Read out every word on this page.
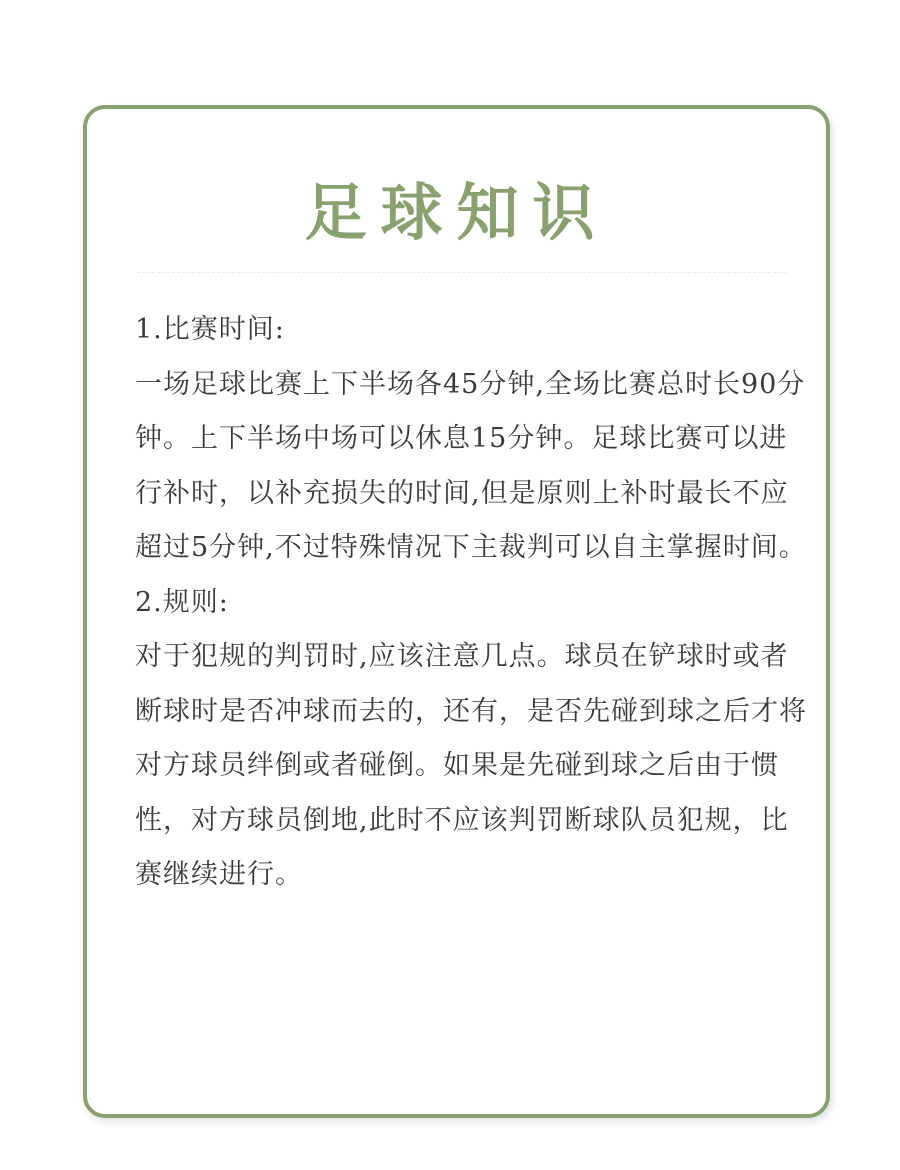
足球知识

1.比赛时间:

一场足球比赛上下半场各45分钟,全场比赛总时长90分钟。上下半场中场可以休息15分钟。足球比赛可以进行补时，以补充损失的时间,但是原则上补时最长不应超过5分钟,不过特殊情况下主裁判可以自主掌握时间。

2.规则:

对于犯规的判罚时,应该注意几点。球员在铲球时或者断球时是否冲球而去的，还有，是否先碰到球之后才将对方球员绊倒或者碰倒。如果是先碰到球之后由于惯性，对方球员倒地,此时不应该判罚断球队员犯规，比赛继续进行。
